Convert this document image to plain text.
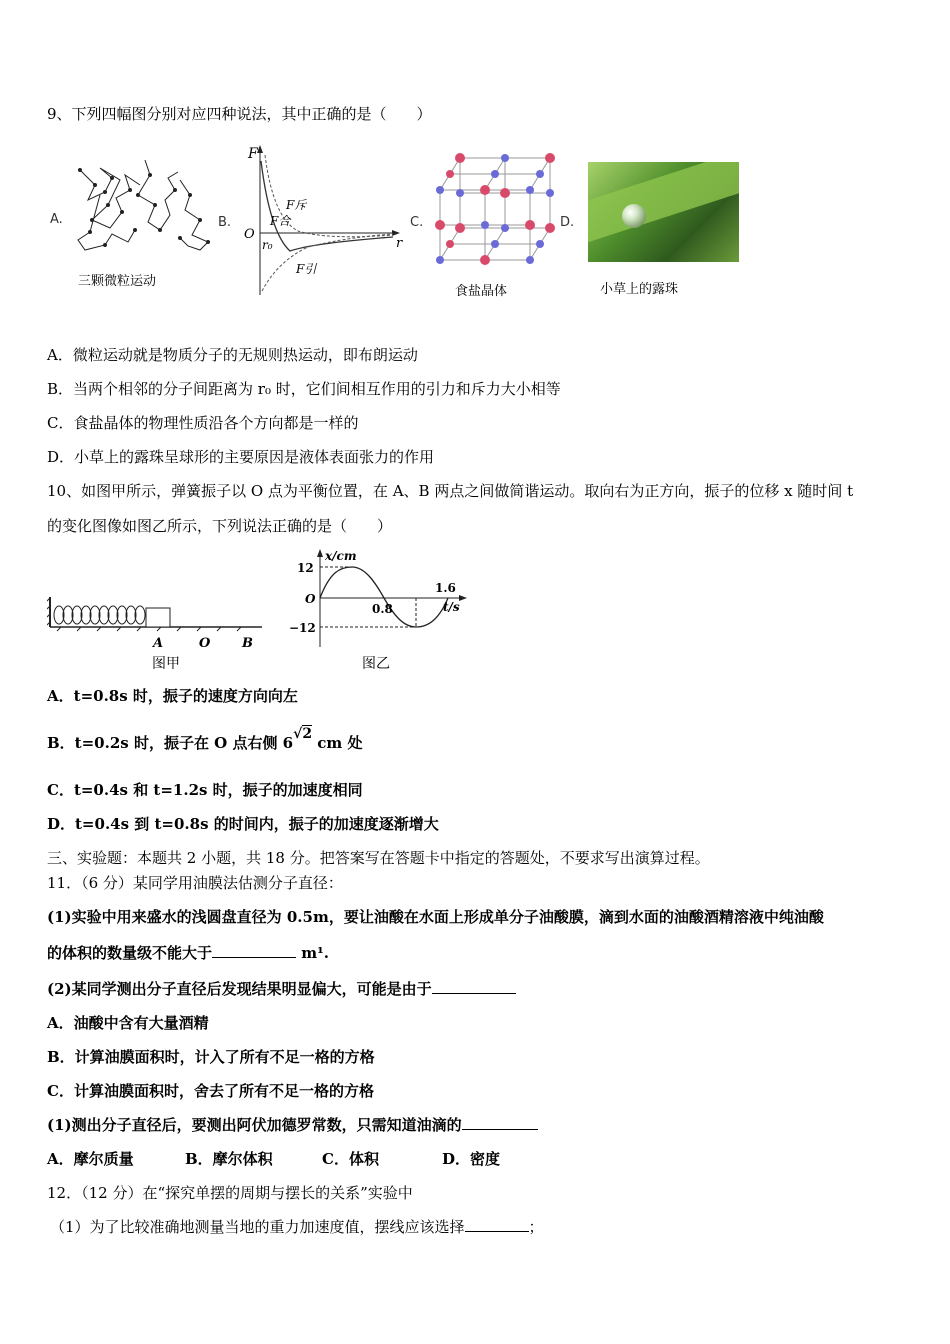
9、下列四幅图分别对应四种说法，其中正确的是（　　）
A.
三颗微粒运动
B.
F
O
r₀	r
F斥
F合
F引
C.
食盐晶体
D.
小草上的露珠
A．微粒运动就是物质分子的无规则热运动，即布朗运动
B．当两个相邻的分子间距离为 r₀ 时，它们间相互作用的引力和斥力大小相等
C．食盐晶体的物理性质沿各个方向都是一样的
D．小草上的露珠呈球形的主要原因是液体表面张力的作用
10、如图甲所示，弹簧振子以 O 点为平衡位置，在 A、B 两点之间做简谐运动。取向右为正方向，振子的位移 x 随时间 t
的变化图像如图乙所示，下列说法正确的是（　　）
A	O B
图甲
x/cm
12
O
−12
0.8
1.6
t/s
图乙
A．t=0.8s 时，振子的速度方向向左
B．t=0.2s 时，振子在 O 点右侧 6√2 cm 处
C．t=0.4s 和 t=1.2s 时，振子的加速度相同
D．t=0.4s 到 t=0.8s 的时间内，振子的加速度逐渐增大
三、实验题：本题共 2 小题，共 18 分。把答案写在答题卡中指定的答题处，不要求写出演算过程。
11．（6 分）某同学用油膜法估测分子直径：
(1)实验中用来盛水的浅圆盘直径为 0.5m，要让油酸在水面上形成单分子油酸膜，滴到水面的油酸酒精溶液中纯油酸
的体积的数量级不能大于	m¹.
(2)某同学测出分子直径后发现结果明显偏大，可能是由于
A．油酸中含有大量酒精
B．计算油膜面积时，计入了所有不足一格的方格
C．计算油膜面积时，舍去了所有不足一格的方格
(1)测出分子直径后，要测出阿伏加德罗常数，只需知道油滴的
A．摩尔质量	B．摩尔体积	C．体积	D．密度
12．（12 分）在“探究单摆的周期与摆长的关系”实验中
（1）为了比较准确地测量当地的重力加速度值，摆线应该选择	；
